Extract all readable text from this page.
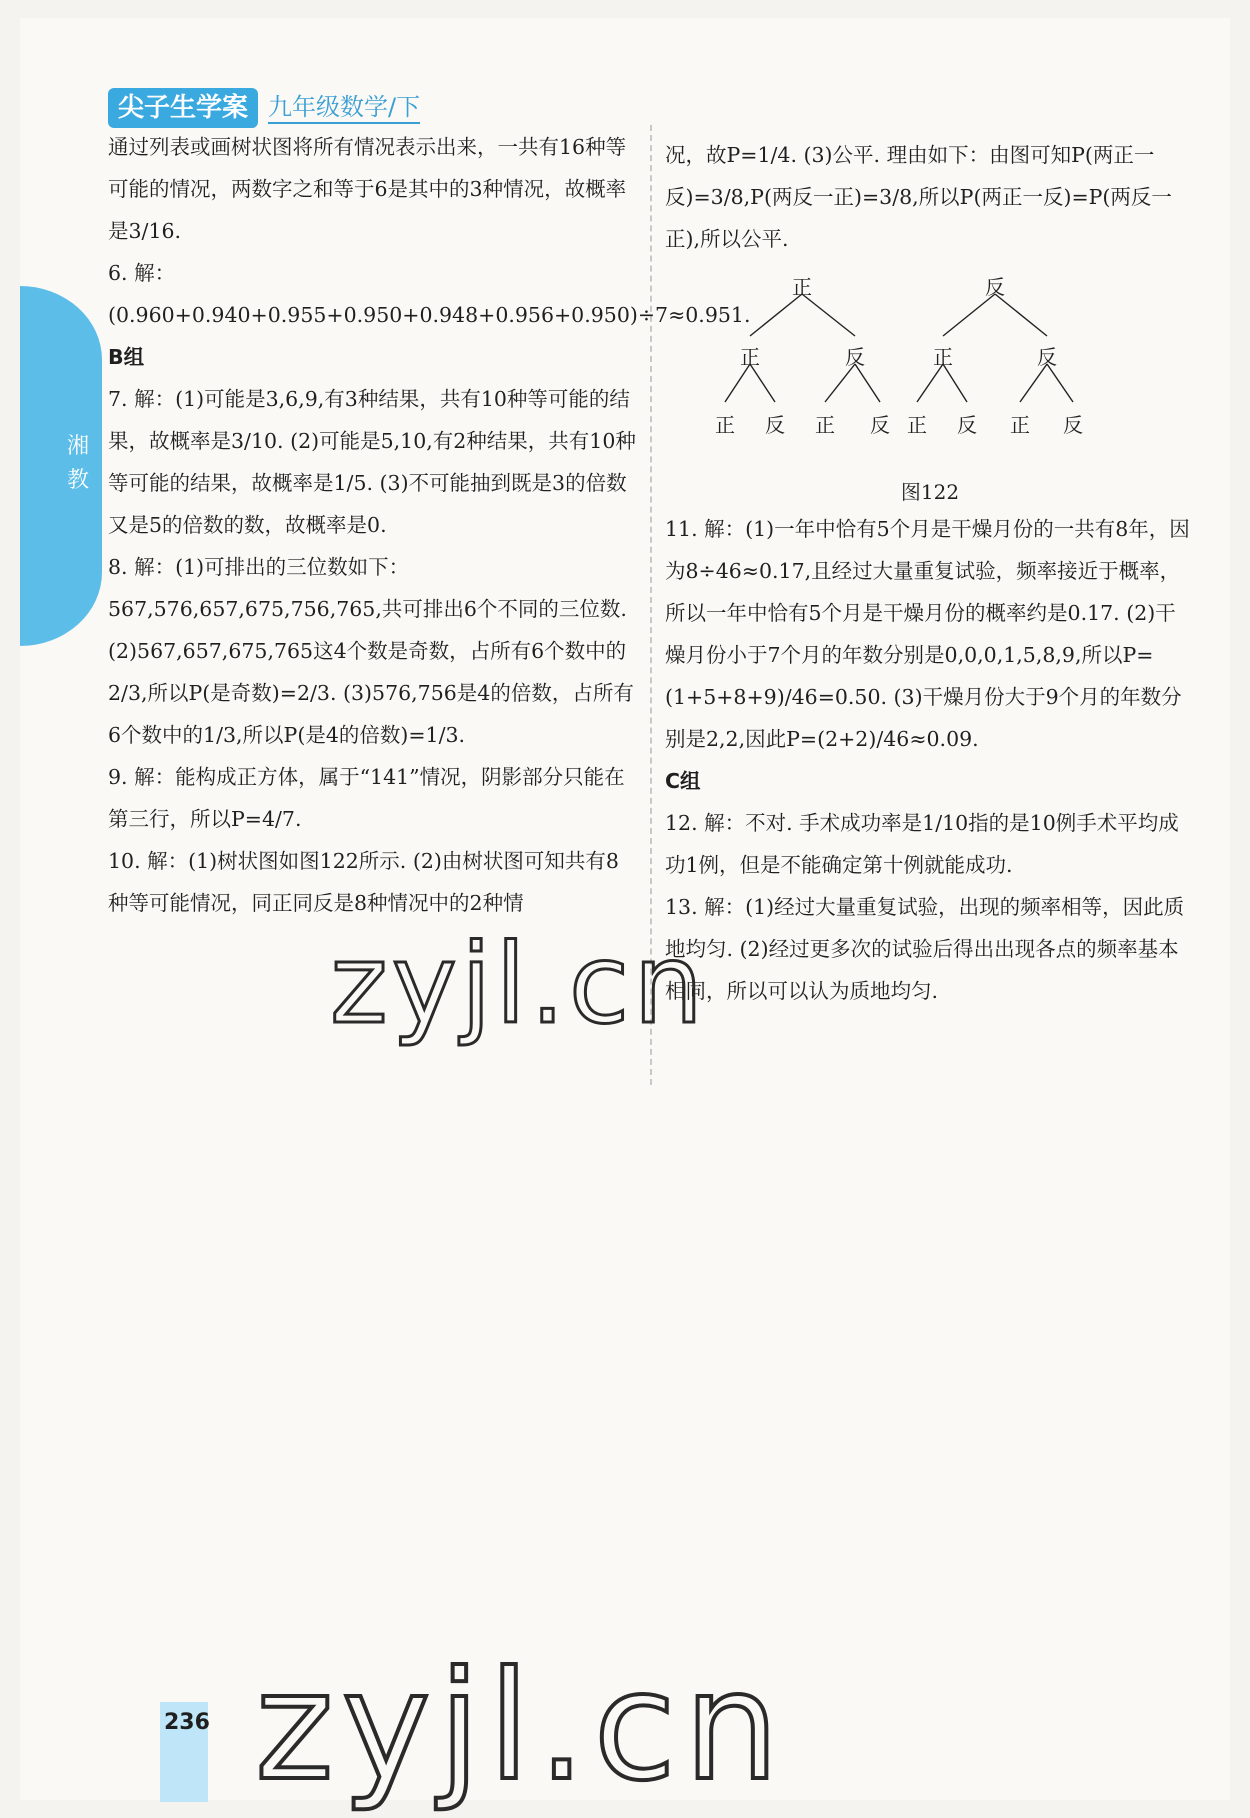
湘
教
尖子生学案 九年级数学/下

通过列表或画树状图将所有情况表示出来，一共有16种等可能的情况，两数字之和等于6是其中的3种情况，故概率是3/16.

6. 解：(0.960+0.940+0.955+0.950+0.948+0.956+0.950)÷7≈0.951.

B组

7. 解：(1)可能是3,6,9,有3种结果，共有10种等可能的结果，故概率是3/10. (2)可能是5,10,有2种结果，共有10种等可能的结果，故概率是1/5. (3)不可能抽到既是3的倍数又是5的倍数的数，故概率是0.

8. 解：(1)可排出的三位数如下：567,576,657,675,756,765,共可排出6个不同的三位数. (2)567,657,675,765这4个数是奇数，占所有6个数中的2/3,所以P(是奇数)=2/3. (3)576,756是4的倍数，占所有6个数中的1/3,所以P(是4的倍数)=1/3.

9. 解：能构成正方体，属于“141”情况，阴影部分只能在第三行，所以P=4/7.

10. 解：(1)树状图如图122所示. (2)由树状图可知共有8种等可能情况，同正同反是8种情况中的2种情

况，故P=1/4. (3)公平. 理由如下：由图可知P(两正一反)=3/8,P(两反一正)=3/8,所以P(两正一反)=P(两反一正),所以公平.

正	反
正	反	正	反
正 反 正 反 正 反 正 反
图122

11. 解：(1)一年中恰有5个月是干燥月份的一共有8年，因为8÷46≈0.17,且经过大量重复试验，频率接近于概率，所以一年中恰有5个月是干燥月份的概率约是0.17. (2)干燥月份小于7个月的年数分别是0,0,0,1,5,8,9,所以P=(1+5+8+9)/46=0.50. (3)干燥月份大于9个月的年数分别是2,2,因此P=(2+2)/46≈0.09.

C组

12. 解：不对. 手术成功率是1/10指的是10例手术平均成功1例，但是不能确定第十例就能成功.

13. 解：(1)经过大量重复试验，出现的频率相等，因此质地均匀. (2)经过更多次的试验后得出出现各点的频率基本相同，所以可以认为质地均匀.

zyjl.cn
zyjl.cn
236
